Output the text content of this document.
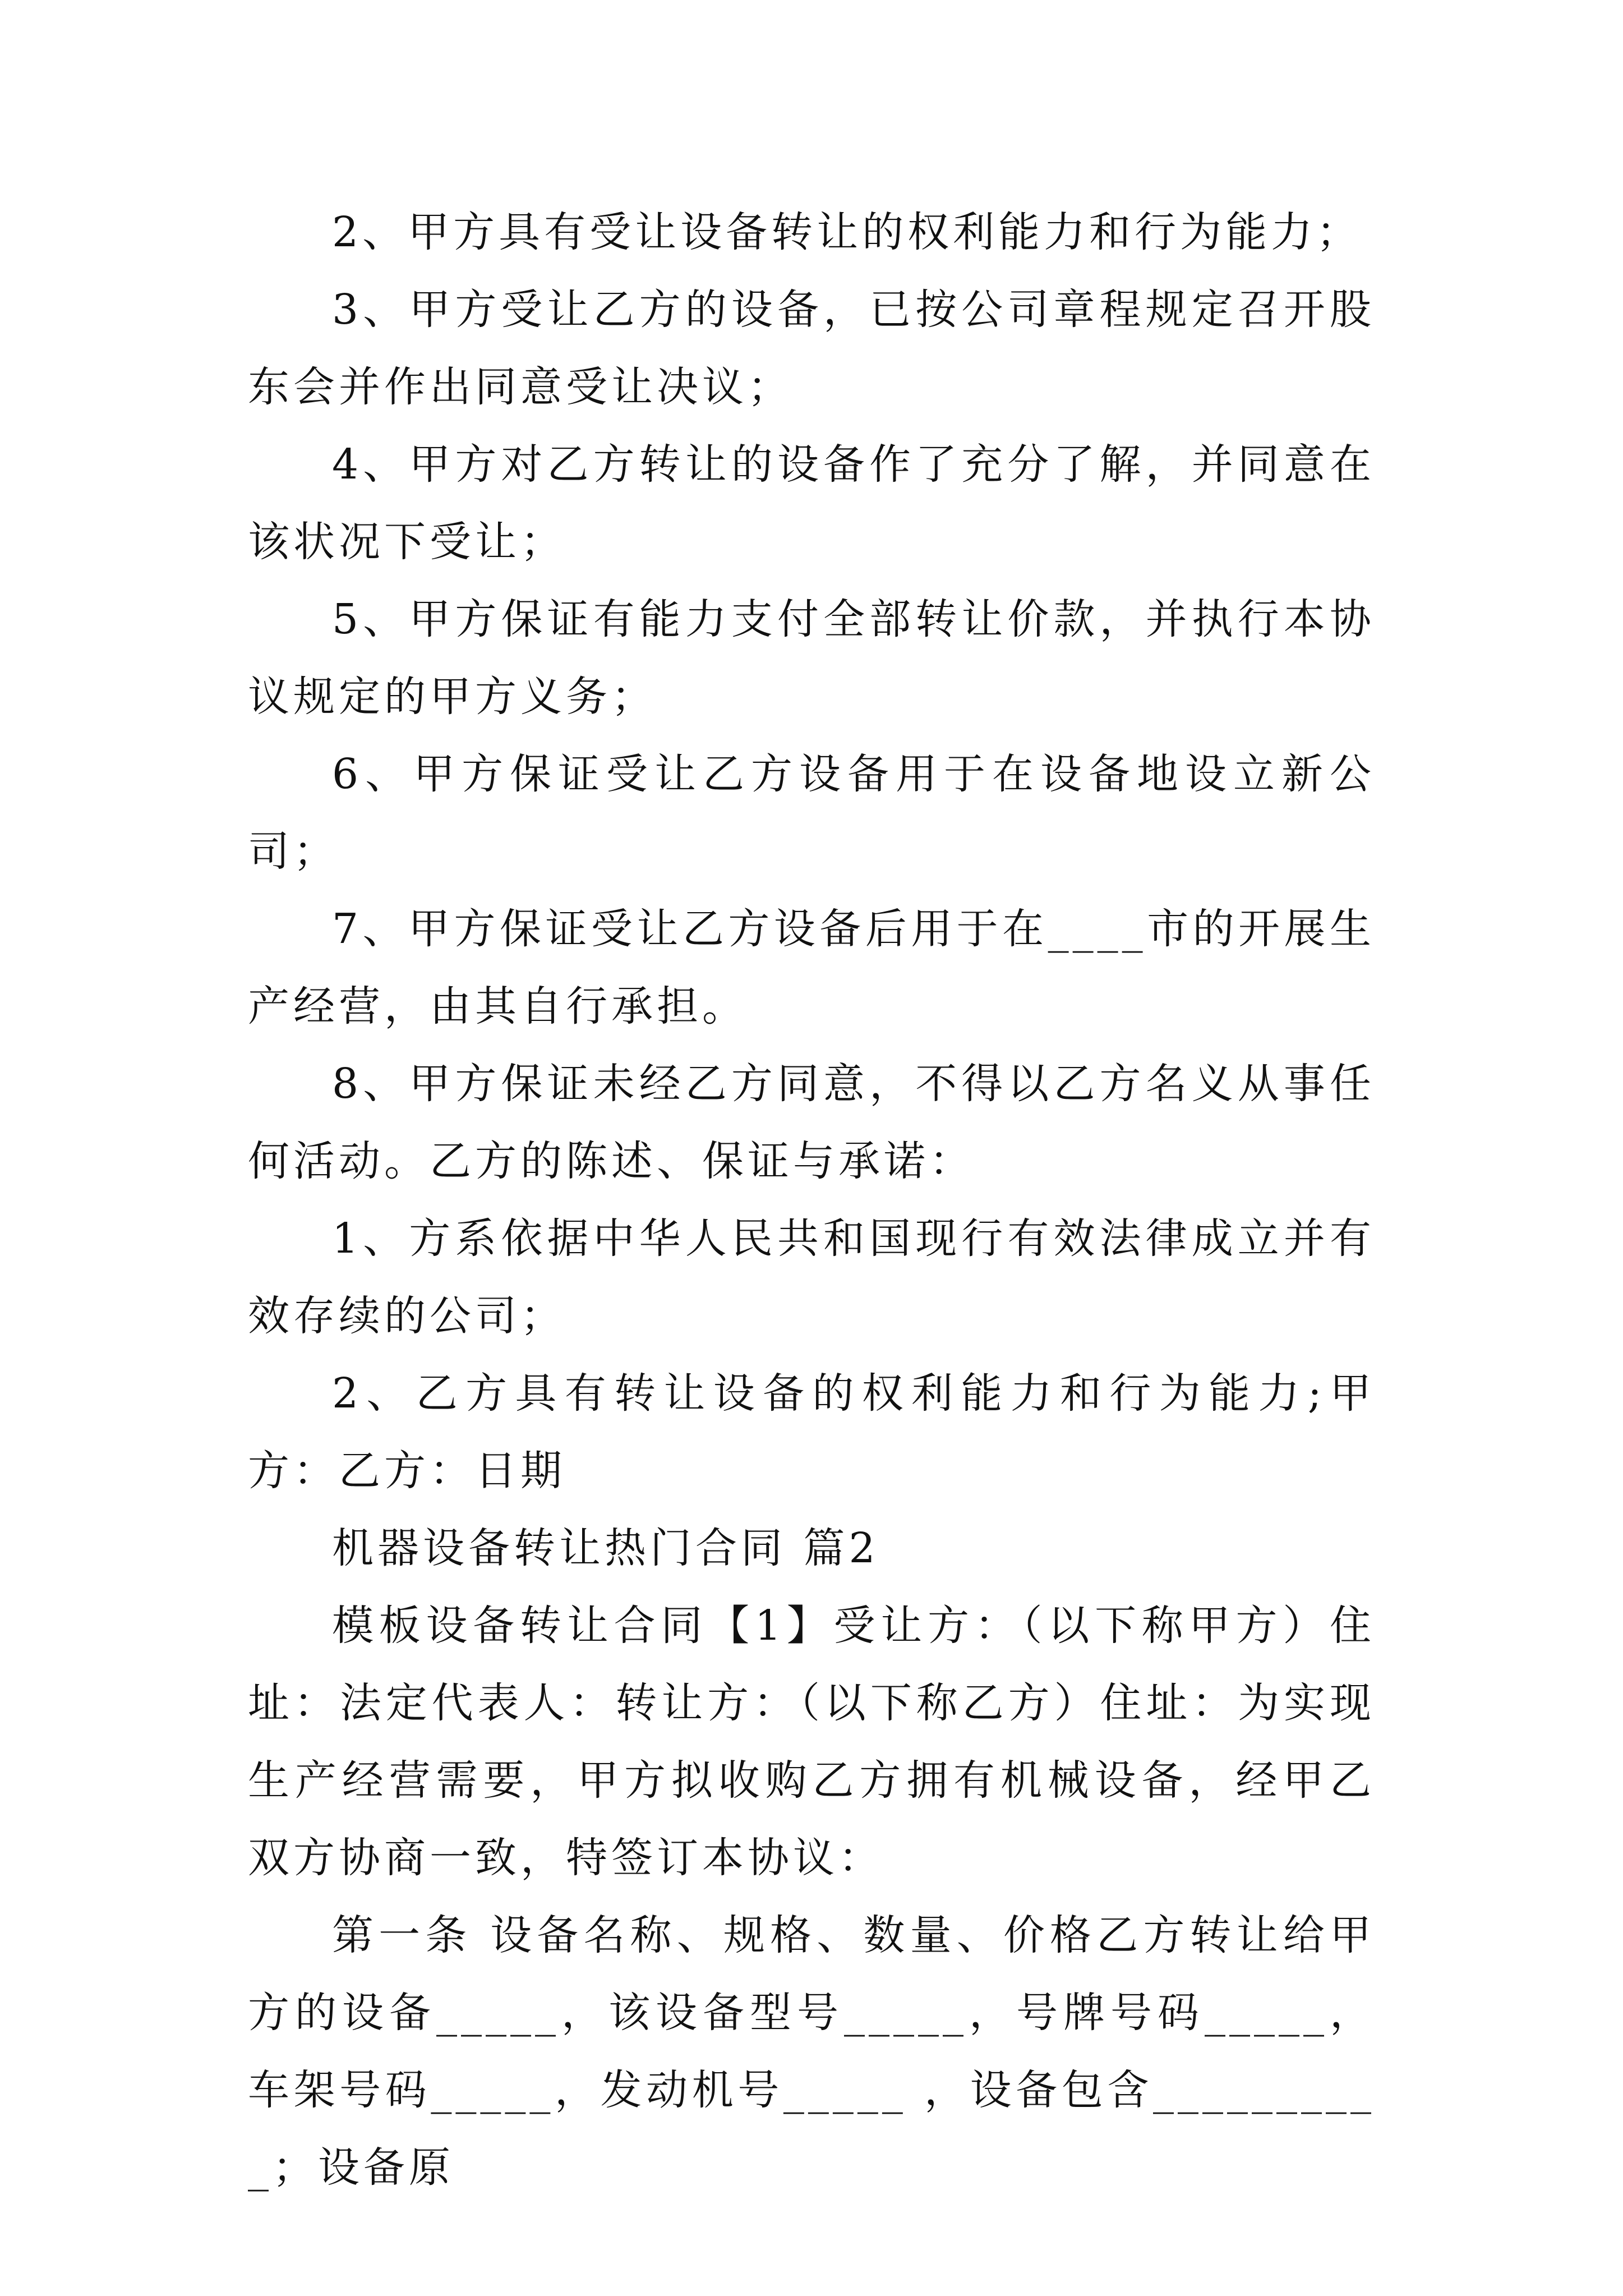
2、甲方具有受让设备转让的权利能力和行为能力；

3、甲方受让乙方的设备，已按公司章程规定召开股东会并作出同意受让决议；

4、甲方对乙方转让的设备作了充分了解，并同意在该状况下受让；

5、甲方保证有能力支付全部转让价款，并执行本协议规定的甲方义务；

6、甲方保证受让乙方设备用于在设备地设立新公司；

7、甲方保证受让乙方设备后用于在____市的开展生产经营，由其自行承担。

8、甲方保证未经乙方同意，不得以乙方名义从事任何活动。乙方的陈述、保证与承诺：

1、方系依据中华人民共和国现行有效法律成立并有效存续的公司；

2、乙方具有转让设备的权利能力和行为能力;甲方：乙方：日期

机器设备转让热门合同 篇2

模板设备转让合同【1】受让方：（以下称甲方）住址：法定代表人：转让方：（以下称乙方）住址：为实现生产经营需要，甲方拟收购乙方拥有机械设备，经甲乙双方协商一致，特签订本协议：

第一条 设备名称、规格、数量、价格乙方转让给甲方的设备_____，该设备型号_____，号牌号码_____，车架号码_____，发动机号_____ ，设备包含__________；设备原
